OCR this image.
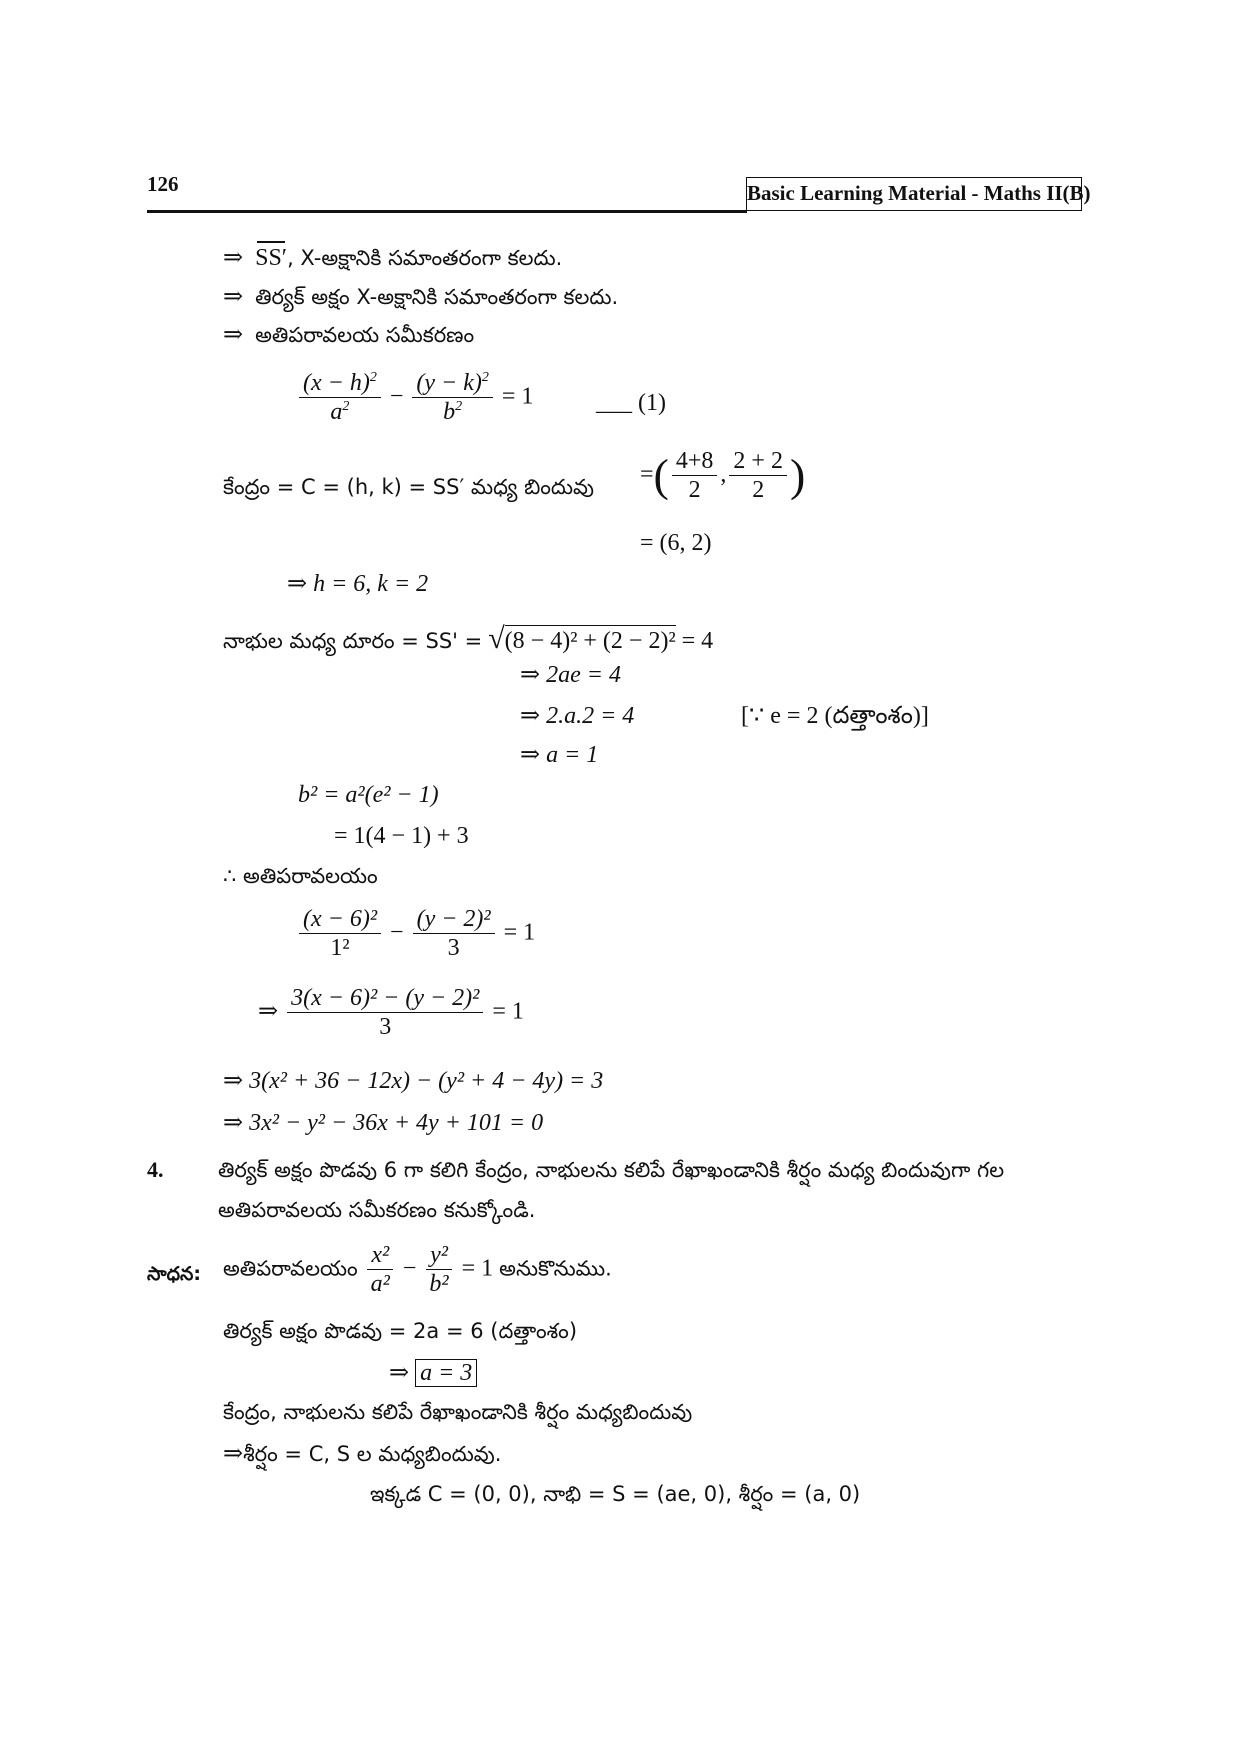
126	Basic Learning Material - Maths II(B)
⇒
SS′, X-అక్షానికి సమాంతరంగా కలదు.
⇒  తిర్యక్ అక్షం X-అక్షానికి సమాంతరంగా కలదు.
⇒  అతిపరావలయ సమీకరణం
$\frac{(x - h)^2}{a^2} - \frac{(y - k)^2}{b^2} = 1$	___ (1)
కేంద్రం = C = (h, k) = SS′ మధ్య బిందువు =( $\frac{4+8}{2}$ , $\frac{2 + 2}{2}$ )
= (6, 2)
⇒ h = 6, k = 2
నాభుల మధ్య దూరం = SS' = √(8 − 4)² + (2 − 2)² = 4
⇒ 2ae = 4
⇒ 2.a.2 = 4	[∵ e = 2 (దత్తాంశం)]
⇒ a = 1
b² = a²(e² − 1)
= 1(4 − 1) + 3
∴ అతిపరావలయం
$\frac{\text{(x − 6)²}}{\text{1²}} - \frac{\text{(y − 2)²}}{3} = 1$
⇒ $\frac{\text{3(x − 6)² − (y − 2)²}}{3} = 1$
⇒ 3(x² + 36 − 12x) − (y² + 4 − 4y) = 3
⇒ 3x² − y² − 36x + 4y + 101 = 0
4.	తిర్యక్ అక్షం పొడవు 6 గా కలిగి కేంద్రం, నాభులను కలిపే రేఖాఖండానికి శీర్షం మధ్య బిందువుగా గల
అతిపరావలయ సమీకరణం కనుక్కోండి.
సాధన: అతిపరావలయం $\frac{\text{x²}}{\text{a²}} - \frac{\text{y²}}{\text{b²}} = 1$ అనుకొనుము.
తిర్యక్ అక్షం పొడవు = 2a = 6 (దత్తాంశం)
⇒ a = 3
కేంద్రం, నాభులను కలిపే రేఖాఖండానికి శీర్షం మధ్యబిందువు
⇒శీర్షం = C, S ల మధ్యబిందువు.
ఇక్కడ C = (0, 0), నాభి = S = (ae, 0), శీర్షం = (a, 0)
